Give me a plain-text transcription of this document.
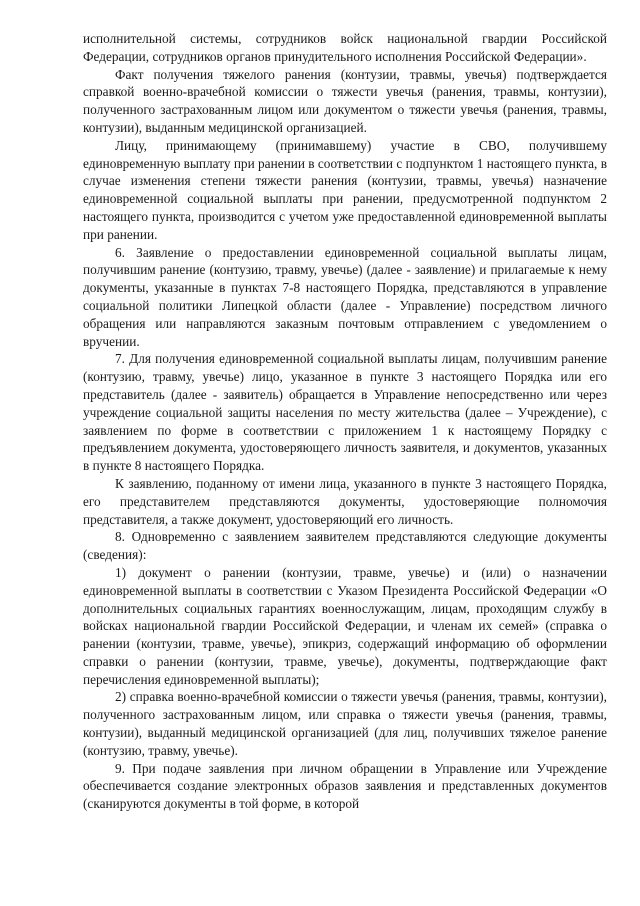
исполнительной системы, сотрудников войск национальной гвардии Российской Федерации, сотрудников органов принудительного исполнения Российской Федерации».

Факт получения тяжелого ранения (контузии, травмы, увечья) подтверждается справкой военно-врачебной комиссии о тяжести увечья (ранения, травмы, контузии), полученного застрахованным лицом или документом о тяжести увечья (ранения, травмы, контузии), выданным медицинской организацией.

Лицу, принимающему (принимавшему) участие в СВО, получившему единовременную выплату при ранении в соответствии с подпунктом 1 настоящего пункта, в случае изменения степени тяжести ранения (контузии, травмы, увечья) назначение единовременной социальной выплаты при ранении, предусмотренной подпунктом 2 настоящего пункта, производится с учетом уже предоставленной единовременной выплаты при ранении.

6. Заявление о предоставлении единовременной социальной выплаты лицам, получившим ранение (контузию, травму, увечье) (далее - заявление) и прилагаемые к нему документы, указанные в пунктах 7-8 настоящего Порядка, представляются в управление социальной политики Липецкой области (далее - Управление) посредством личного обращения или направляются заказным почтовым отправлением с уведомлением о вручении.

7. Для получения единовременной социальной выплаты лицам, получившим ранение (контузию, травму, увечье) лицо, указанное в пункте 3 настоящего Порядка или его представитель (далее - заявитель) обращается в Управление непосредственно или через учреждение социальной защиты населения по месту жительства (далее – Учреждение), с заявлением по форме в соответствии с приложением 1 к настоящему Порядку с предъявлением документа, удостоверяющего личность заявителя, и документов, указанных в пункте 8 настоящего Порядка.

К заявлению, поданному от имени лица, указанного в пункте 3 настоящего Порядка, его представителем представляются документы, удостоверяющие полномочия представителя, а также документ, удостоверяющий его личность.

8. Одновременно с заявлением заявителем представляются следующие документы (сведения):

1) документ о ранении (контузии, травме, увечье) и (или) о назначении единовременной выплаты в соответствии с Указом Президента Российской Федерации «О дополнительных социальных гарантиях военнослужащим, лицам, проходящим службу в войсках национальной гвардии Российской Федерации, и членам их семей» (справка о ранении (контузии, травме, увечье), эпикриз, содержащий информацию об оформлении справки о ранении (контузии, травме, увечье), документы, подтверждающие факт перечисления единовременной выплаты);

2) справка военно-врачебной комиссии о тяжести увечья (ранения, травмы, контузии), полученного застрахованным лицом, или справка о тяжести увечья (ранения, травмы, контузии), выданный медицинской организацией (для лиц, получивших тяжелое ранение (контузию, травму, увечье).

9. При подаче заявления при личном обращении в Управление или Учреждение обеспечивается создание электронных образов заявления и представленных документов (сканируются документы в той форме, в которой
